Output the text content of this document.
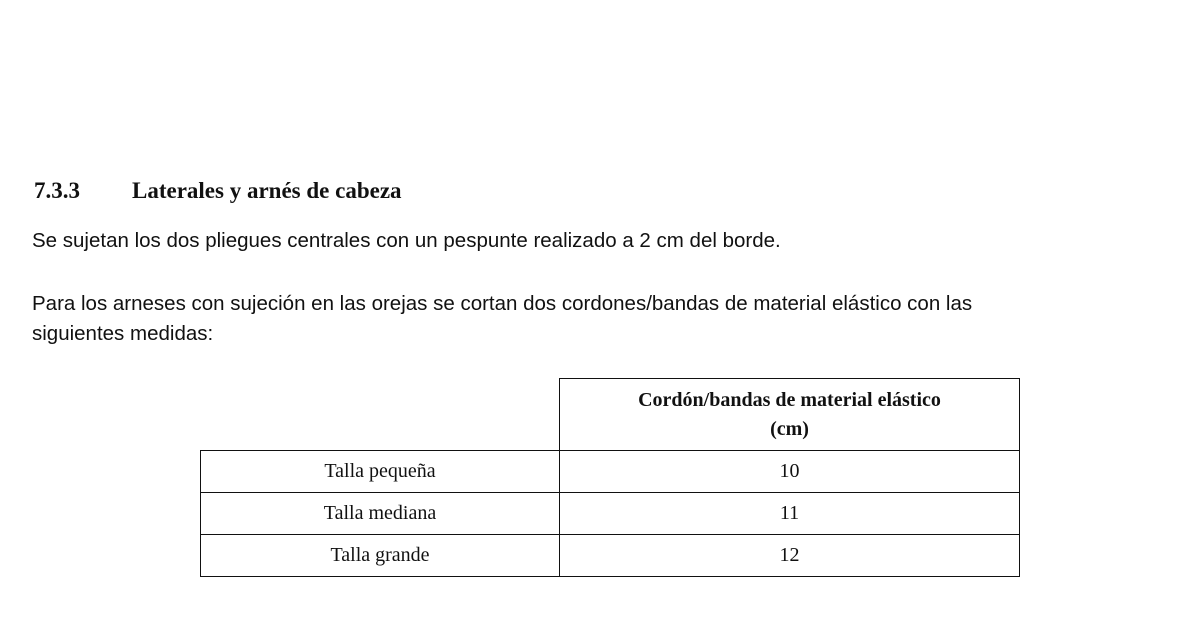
7.3.3 Laterales y arnés de cabeza
Se sujetan los dos pliegues centrales con un pespunte realizado a 2 cm del borde.
Para los arneses con sujeción en las orejas se cortan dos cordones/bandas de material elástico con las
siguientes medidas:

	Cordón/bandas de material elástico
(cm)

Talla pequeña	10
Talla mediana	11
Talla grande	12
